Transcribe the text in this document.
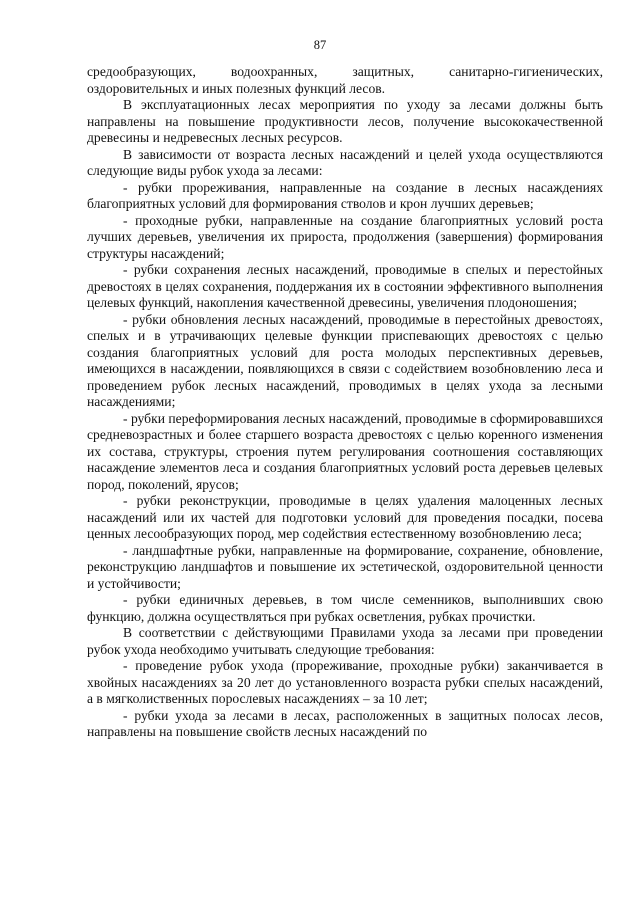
87

средообразующих, водоохранных, защитных, санитарно-гигиенических, оздоровительных и иных полезных функций лесов.

В эксплуатационных лесах мероприятия по уходу за лесами должны быть направлены на повышение продуктивности лесов, получение высококачественной древесины и недревесных лесных ресурсов.

В зависимости от возраста лесных насаждений и целей ухода осуществляются следующие виды рубок ухода за лесами:

- рубки прореживания, направленные на создание в лесных насаждениях благоприятных условий для формирования стволов и крон лучших деревьев;

- проходные рубки, направленные на создание благоприятных условий роста лучших деревьев, увеличения их прироста, продолжения (завершения) формирования структуры насаждений;

- рубки сохранения лесных насаждений, проводимые в спелых и перестойных древостоях в целях сохранения, поддержания их в состоянии эффективного выполнения целевых функций, накопления качественной древесины, увеличения плодоношения;

- рубки обновления лесных насаждений, проводимые в перестойных древостоях, спелых и в утрачивающих целевые функции приспевающих древостоях с целью создания благоприятных условий для роста молодых перспективных деревьев, имеющихся в насаждении, появляющихся в связи с содействием возобновлению леса и проведением рубок лесных насаждений, проводимых в целях ухода за лесными насаждениями;

- рубки переформирования лесных насаждений, проводимые в сформировавшихся средневозрастных и более старшего возраста древостоях с целью коренного изменения их состава, структуры, строения путем регулирования соотношения составляющих насаждение элементов леса и создания благоприятных условий роста деревьев целевых пород, поколений, ярусов;

- рубки реконструкции, проводимые в целях удаления малоценных лесных насаждений или их частей для подготовки условий для проведения посадки, посева ценных лесообразующих пород, мер содействия естественному возобновлению леса;

- ландшафтные рубки, направленные на формирование, сохранение, обновление, реконструкцию ландшафтов и повышение их эстетической, оздоровительной ценности и устойчивости;

- рубки единичных деревьев, в том числе семенников, выполнивших свою функцию, должна осуществляться при рубках осветления, рубках прочистки.

В соответствии с действующими Правилами ухода за лесами при проведении рубок ухода необходимо учитывать следующие требования:

- проведение рубок ухода (прореживание, проходные рубки) заканчивается в хвойных насаждениях за 20 лет до установленного возраста рубки спелых насаждений, а в мягколиственных порослевых насаждениях – за 10 лет;

- рубки ухода за лесами в лесах, расположенных в защитных полосах лесов, направлены на повышение свойств лесных насаждений по
